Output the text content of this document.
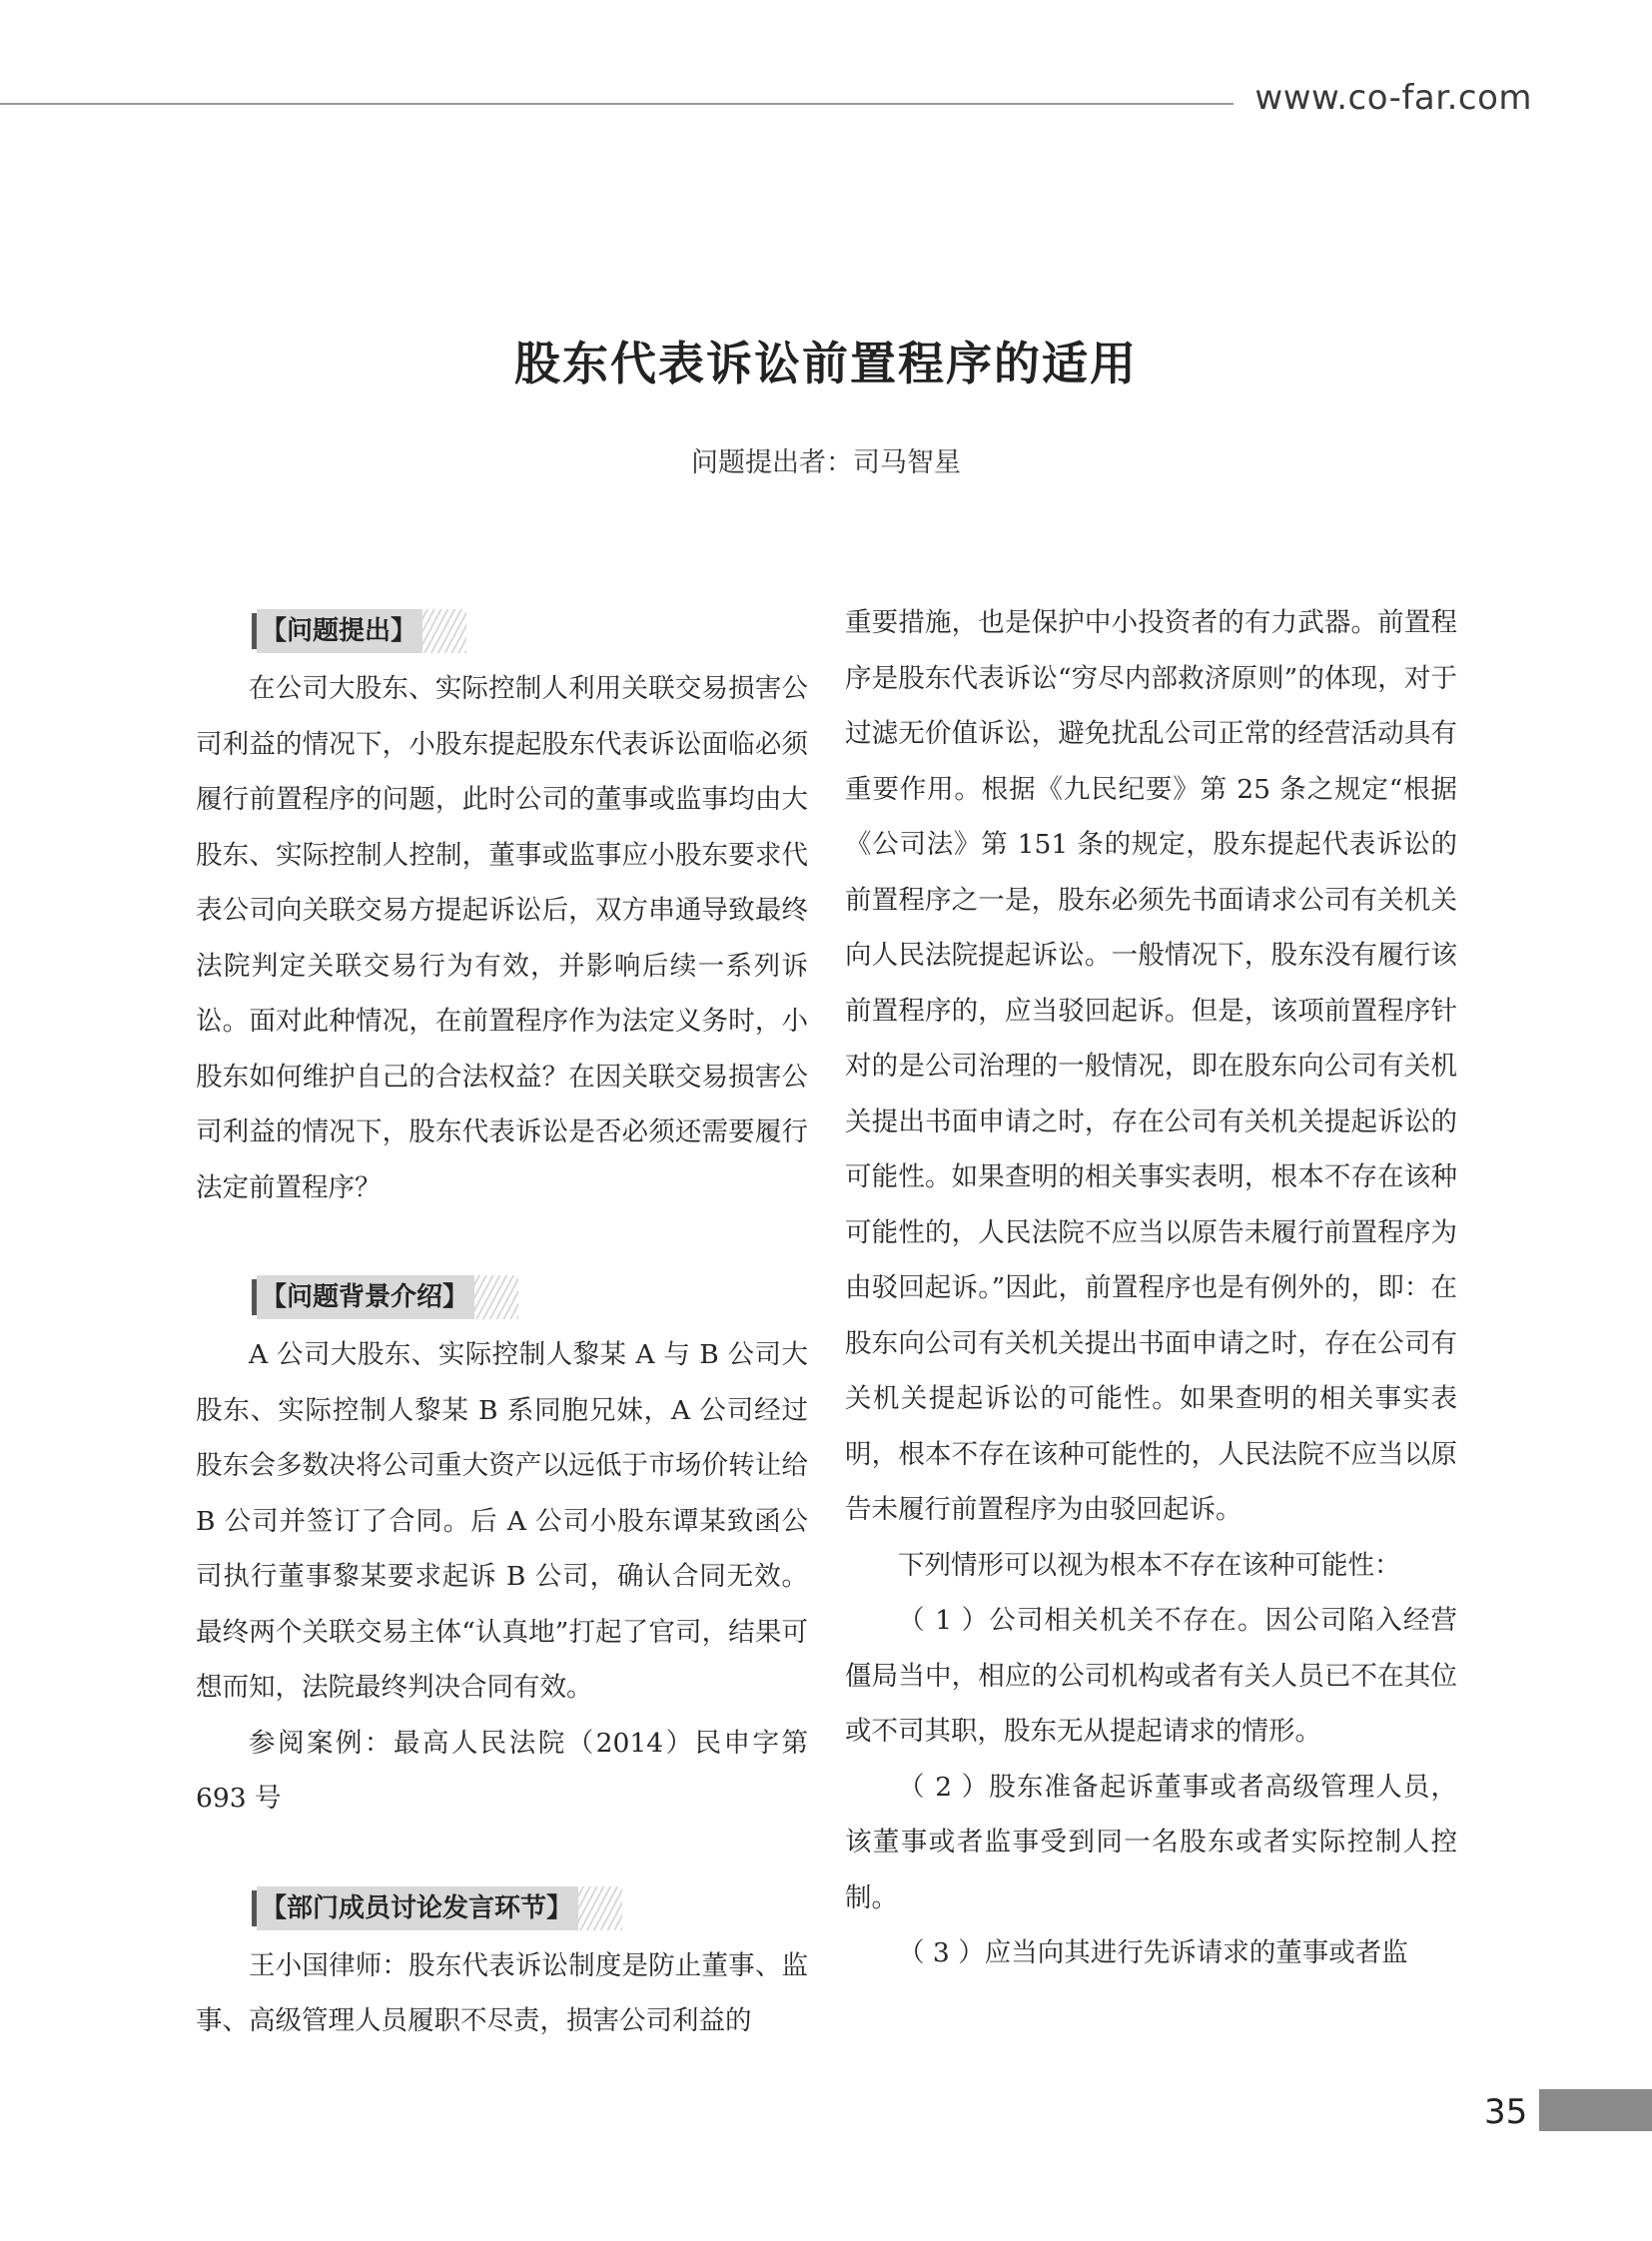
www.co-far.com
股东代表诉讼前置程序的适用
问题提出者：司马智星
【问题提出】

在公司大股东、实际控制人利用关联交易损害公司利益的情况下，小股东提起股东代表诉讼面临必须履行前置程序的问题，此时公司的董事或监事均由大股东、实际控制人控制，董事或监事应小股东要求代表公司向关联交易方提起诉讼后，双方串通导致最终法院判定关联交易行为有效，并影响后续一系列诉讼。面对此种情况，在前置程序作为法定义务时，小股东如何维护自己的合法权益？在因关联交易损害公司利益的情况下，股东代表诉讼是否必须还需要履行法定前置程序？

【问题背景介绍】

A 公司大股东、实际控制人黎某 A 与 B 公司大股东、实际控制人黎某 B 系同胞兄妹，A 公司经过股东会多数决将公司重大资产以远低于市场价转让给 B 公司并签订了合同。后 A 公司小股东谭某致函公司执行董事黎某要求起诉 B 公司，确认合同无效。最终两个关联交易主体“认真地”打起了官司，结果可想而知，法院最终判决合同有效。

参阅案例：最高人民法院（2014）民申字第 693 号

【部门成员讨论发言环节】

王小国律师：股东代表诉讼制度是防止董事、监事、高级管理人员履职不尽责，损害公司利益的

重要措施，也是保护中小投资者的有力武器。前置程序是股东代表诉讼“穷尽内部救济原则”的体现，对于过滤无价值诉讼，避免扰乱公司正常的经营活动具有重要作用。根据《九民纪要》第 25 条之规定“根据《公司法》第 151 条的规定，股东提起代表诉讼的前置程序之一是，股东必须先书面请求公司有关机关向人民法院提起诉讼。一般情况下，股东没有履行该前置程序的，应当驳回起诉。但是，该项前置程序针对的是公司治理的一般情况，即在股东向公司有关机关提出书面申请之时，存在公司有关机关提起诉讼的可能性。如果查明的相关事实表明，根本不存在该种可能性的，人民法院不应当以原告未履行前置程序为由驳回起诉。”因此，前置程序也是有例外的，即：在股东向公司有关机关提出书面申请之时，存在公司有关机关提起诉讼的可能性。如果查明的相关事实表明，根本不存在该种可能性的，人民法院不应当以原告未履行前置程序为由驳回起诉。

下列情形可以视为根本不存在该种可能性：

（ 1 ）公司相关机关不存在。因公司陷入经营僵局当中，相应的公司机构或者有关人员已不在其位或不司其职，股东无从提起请求的情形。

（ 2 ）股东准备起诉董事或者高级管理人员，该董事或者监事受到同一名股东或者实际控制人控制。

（ 3 ）应当向其进行先诉请求的董事或者监

35
